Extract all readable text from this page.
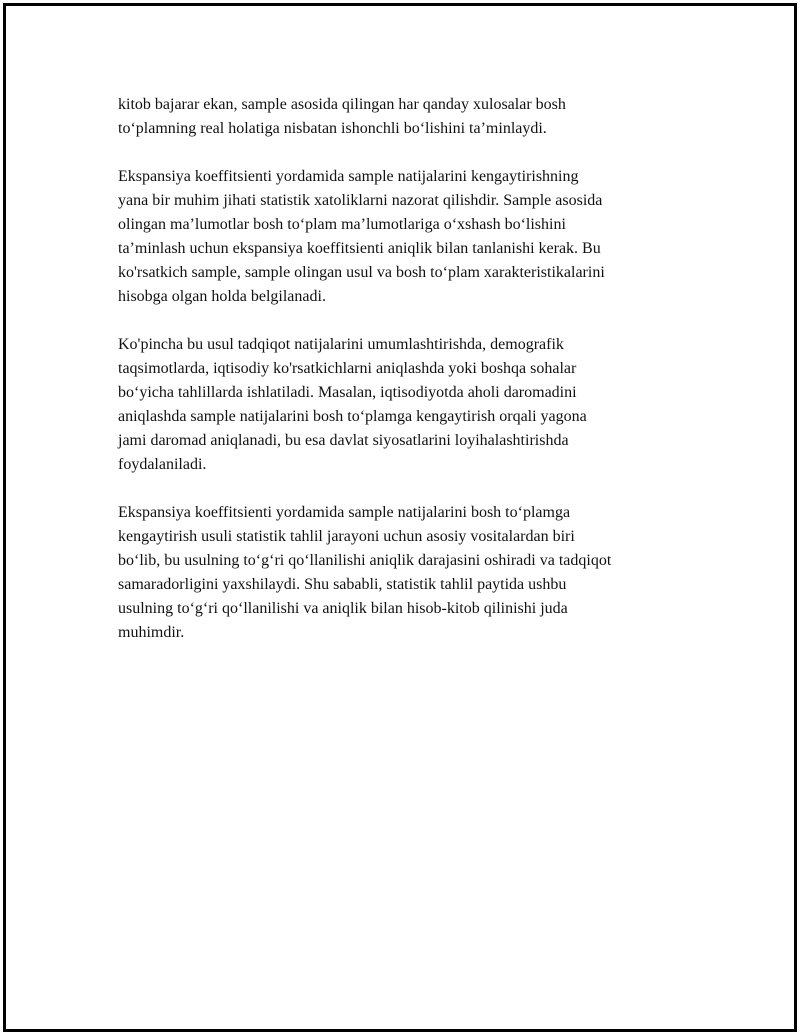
kitob bajarar ekan, sample asosida qilingan har qanday xulosalar bosh
to‘plamning real holatiga nisbatan ishonchli bo‘lishini ta’minlaydi.

Ekspansiya koeffitsienti yordamida sample natijalarini kengaytirishning
yana bir muhim jihati statistik xatoliklarni nazorat qilishdir. Sample asosida
olingan ma’lumotlar bosh to‘plam ma’lumotlariga o‘xshash bo‘lishini
ta’minlash uchun ekspansiya koeffitsienti aniqlik bilan tanlanishi kerak. Bu
ko'rsatkich sample, sample olingan usul va bosh to‘plam xarakteristikalarini
hisobga olgan holda belgilanadi.

Ko'pincha bu usul tadqiqot natijalarini umumlashtirishda, demografik
taqsimotlarda, iqtisodiy ko'rsatkichlarni aniqlashda yoki boshqa sohalar
bo‘yicha tahlillarda ishlatiladi. Masalan, iqtisodiyotda aholi daromadini
aniqlashda sample natijalarini bosh to‘plamga kengaytirish orqali yagona
jami daromad aniqlanadi, bu esa davlat siyosatlarini loyihalashtirishda
foydalaniladi.

Ekspansiya koeffitsienti yordamida sample natijalarini bosh to‘plamga
kengaytirish usuli statistik tahlil jarayoni uchun asosiy vositalardan biri
bo‘lib, bu usulning to‘g‘ri qo‘llanilishi aniqlik darajasini oshiradi va tadqiqot
samaradorligini yaxshilaydi. Shu sababli, statistik tahlil paytida ushbu
usulning to‘g‘ri qo‘llanilishi va aniqlik bilan hisob-kitob qilinishi juda
muhimdir.
